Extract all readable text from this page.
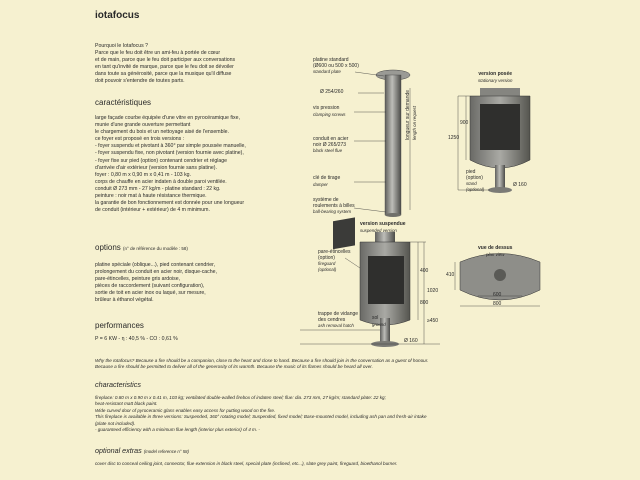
iotafocus
Pourquoi le Iotafocus ?
Parce que le feu doit être un ami-feu à portée de cœur
et de main, parce que le feu doit participer aux conversations
en tant qu'invité de marque, parce que le feu doit se dévoiler
dans toute sa générosité, parce que la musique qu'il diffuse
doit pouvoir s'entendre de toutes parts.
caractéristiques
large façade courbe équipée d'une vitre en pyrocéramique fixe,
munie d'une grande ouverture permettant
le chargement du bois et un nettoyage aisé de l'ensemble.
ce foyer est proposé en trois versions :
- foyer suspendu et pivotant à 360° par simple poussée manuelle,
- foyer suspendu fixe, non pivotant (version fournie avec platine),
- foyer fixe sur pied (option) contenant cendrier et réglage
d'arrivée d'air extérieur (version fournie sans platine).
foyer : 0,80 m x 0,90 m x 0,41 m - 103 kg.
corps de chauffe en acier indaten à double paroi ventilée.
conduit Ø 273 mm - 27 kg/m - platine standard : 22 kg.
peinture : noir mat à haute résistance thermique.
la garantie de bon fonctionnement est donnée pour une longueur
de conduit (intérieur + extérieur) de 4 m minimum.
options (n° de référence du modèle : 58)
platine spéciale (oblique...), pied contenant cendrier,
prolongement du conduit en acier noir, disque-cache,
pare-étincelles, peinture gris ardoise,
pièces de raccordement (suivant configuration),
sortie de toit en acier inox ou laqué, sur mesure,
brûleur à éthanol végétal.
performances
P = 6 KW - η : 40,5 % - CO : 0,61 %
Why the Iotafocus? Because a fire should be a companion, close to the heart and close to hand. Because a fire should join in the conversation as a guest of honour.
Because a fire should be permitted to deliver all of the generosity of its warmth. Because the music of its flames should be heard all over.
characteristics
fireplace: 0.80 m x 0.90 m x 0.41 m, 103 kg; ventilated double-walled firebox of indaten steel; flue: dia. 273 mm, 27 kg/m; standard plate: 22 kg;
heat-resistant matt black paint.
Wide curved door of pyroceramic glass enables easy access for putting wood on the fire.
This fireplace is available in three versions: Suspended, 360° rotating model; Suspended, fixed model; Base-mounted model, including ash pan and fresh-air intake
(plate not included).
- guaranteed efficiency with a minimum flue length (interior plus exterior) of 4 m. -
optional extras (model reference n° 58)
cover disc to conceal ceiling joint, connector, flue extension in black steel, special plate (inclined, etc...), slate grey paint, fireguard, bioethanol burner.
platine standard
(Ø600 ou 500 x 500)
standard plate
Ø 254/260
vis pression
clamping screws
conduit en acier
noir Ø 265/273
black steel flue
longueur sur demande length on request
clé de tirage
damper
système de
roulements à billes
ball-bearing system
version posée
stationary version
900
1250
pied
(option)
stand
(optional)
Ø 160
version suspendue
suspended version
pare-étincelles
(option)
fireguard
(optional)	400
1020
800
≥450
trappe de vidange
des cendres
ash removal hatch
sol
ground
Ø 160
vue de dessus
plan view
410
600
800
